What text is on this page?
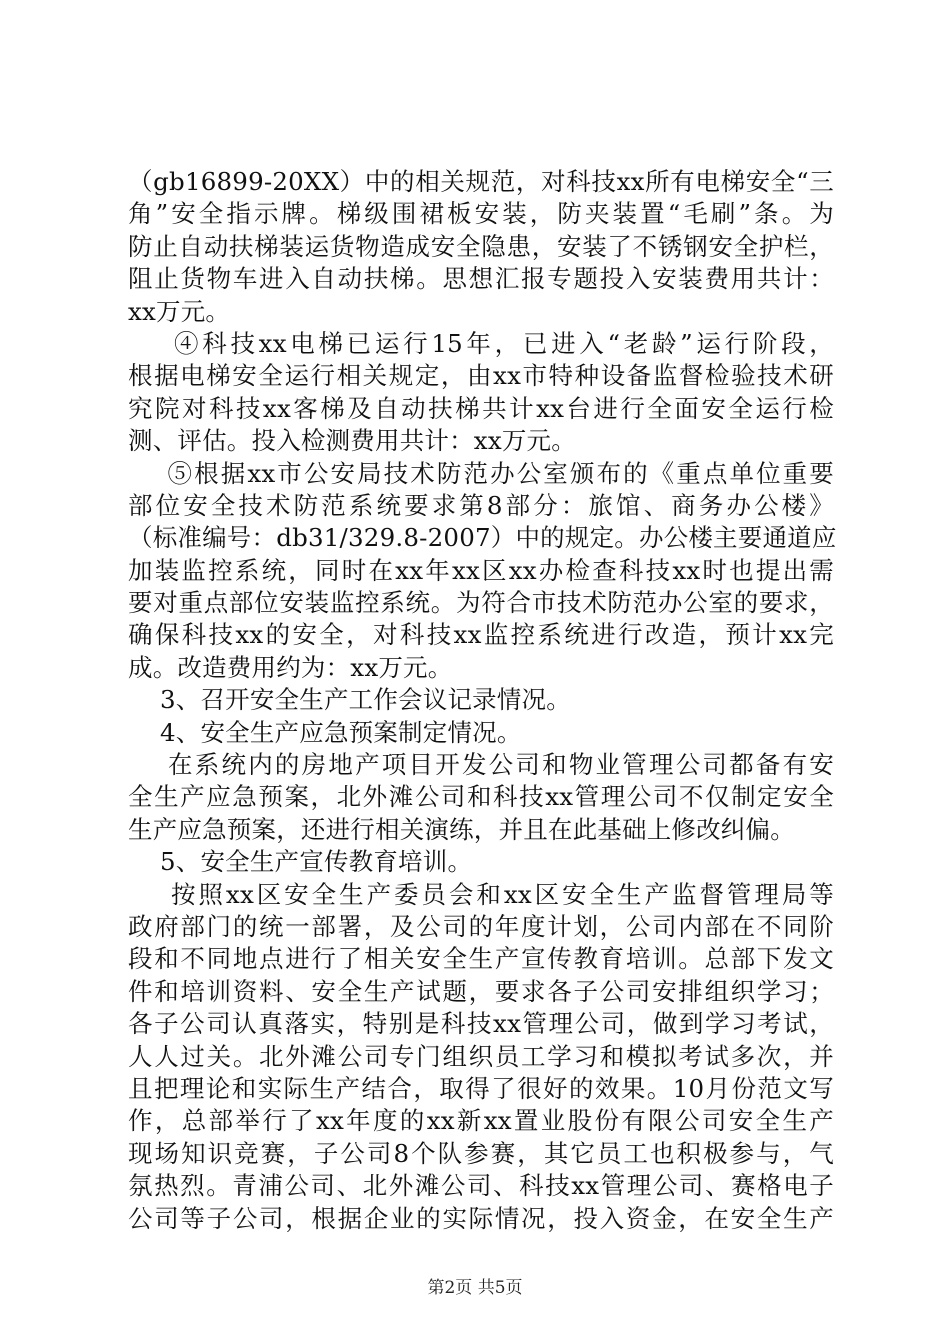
（gb16899-20XX）中的相关规范，对科技xx所有电梯安全“三
角”安全指示牌。梯级围裙板安装，防夹装置“毛刷”条。为
防止自动扶梯装运货物造成安全隐患，安装了不锈钢安全护栏，
阻止货物车进入自动扶梯。思想汇报专题投入安装费用共计：
xx万元。
④科技xx电梯已运行15年，已进入“老龄”运行阶段，
根据电梯安全运行相关规定，由xx市特种设备监督检验技术研
究院对科技xx客梯及自动扶梯共计xx台进行全面安全运行检
测、评估。投入检测费用共计：xx万元。
⑤根据xx市公安局技术防范办公室颁布的《重点单位重要
部位安全技术防范系统要求第8部分：旅馆、商务办公楼》
（标准编号：db31/329.8-2007）中的规定。办公楼主要通道应
加装监控系统，同时在xx年xx区xx办检查科技xx时也提出需
要对重点部位安装监控系统。为符合市技术防范办公室的要求，
确保科技xx的安全，对科技xx监控系统进行改造，预计xx完
成。改造费用约为：xx万元。
3、召开安全生产工作会议记录情况。
4、安全生产应急预案制定情况。
在系统内的房地产项目开发公司和物业管理公司都备有安
全生产应急预案，北外滩公司和科技xx管理公司不仅制定安全
生产应急预案，还进行相关演练，并且在此基础上修改纠偏。
5、安全生产宣传教育培训。
按照xx区安全生产委员会和xx区安全生产监督管理局等
政府部门的统一部署，及公司的年度计划，公司内部在不同阶
段和不同地点进行了相关安全生产宣传教育培训。总部下发文
件和培训资料、安全生产试题，要求各子公司安排组织学习；
各子公司认真落实，特别是科技xx管理公司，做到学习考试，
人人过关。北外滩公司专门组织员工学习和模拟考试多次，并
且把理论和实际生产结合，取得了很好的效果。10月份范文写
作，总部举行了xx年度的xx新xx置业股份有限公司安全生产
现场知识竞赛，子公司8个队参赛，其它员工也积极参与，气
氛热烈。青浦公司、北外滩公司、科技xx管理公司、赛格电子
公司等子公司，根据企业的实际情况，投入资金，在安全生产
第2页 共5页
